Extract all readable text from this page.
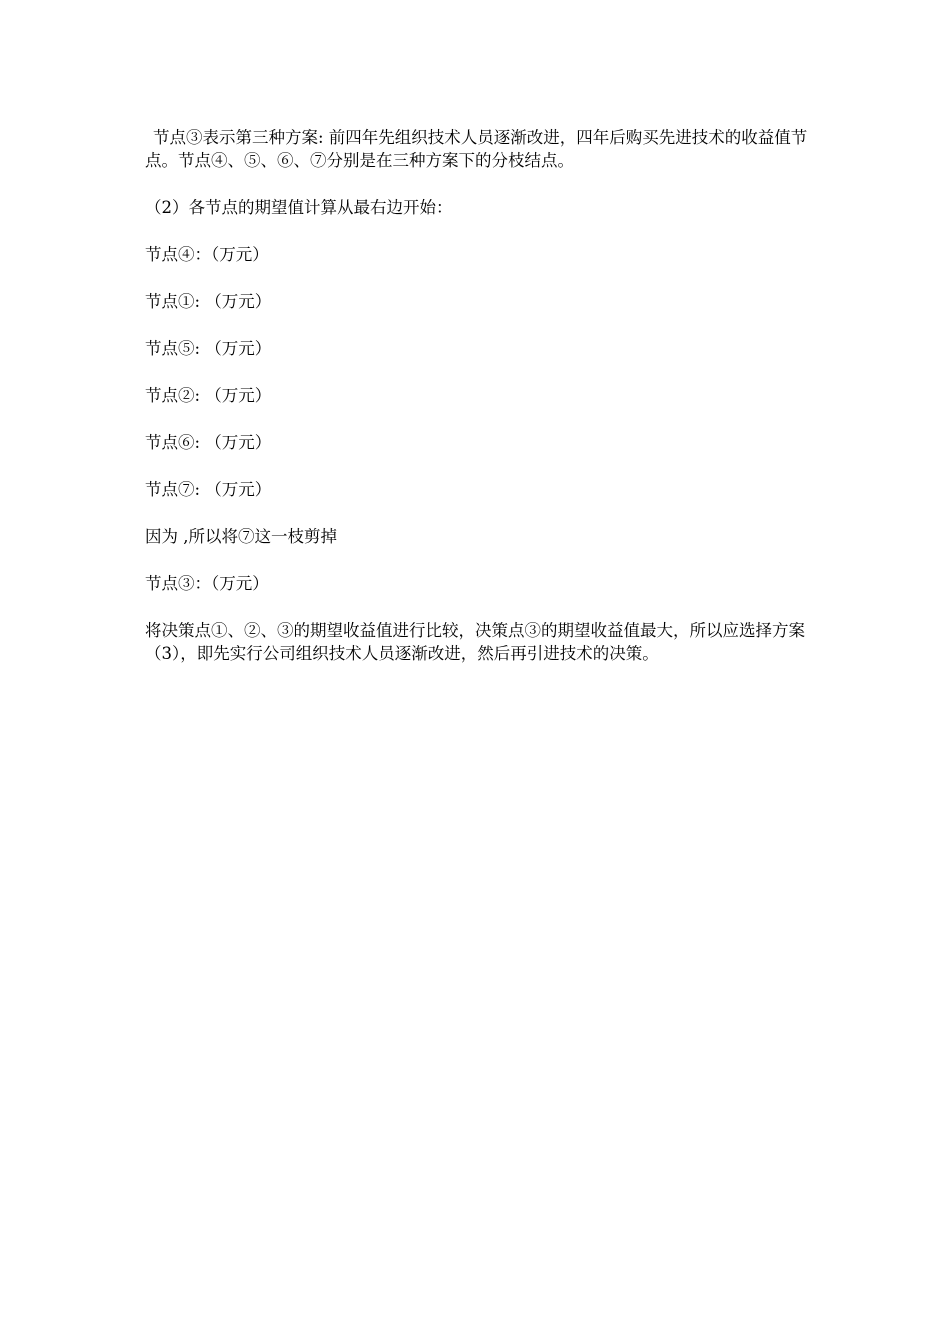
节点③表示第三种方案: 前四年先组织技术人员逐渐改进，四年后购买先进技术的收益值节点。节点④、⑤、⑥、⑦分别是在三种方案下的分枝结点。

（2）各节点的期望值计算从最右边开始：

节点④：（万元）

节点①: （万元）

节点⑤: （万元）

节点②: （万元）

节点⑥: （万元）

节点⑦: （万元）

因为 ,所以将⑦这一枝剪掉

节点③：（万元）

将决策点①、②、③的期望收益值进行比较，决策点③的期望收益值最大，所以应选择方案（3），即先实行公司组织技术人员逐渐改进，然后再引进技术的决策。
